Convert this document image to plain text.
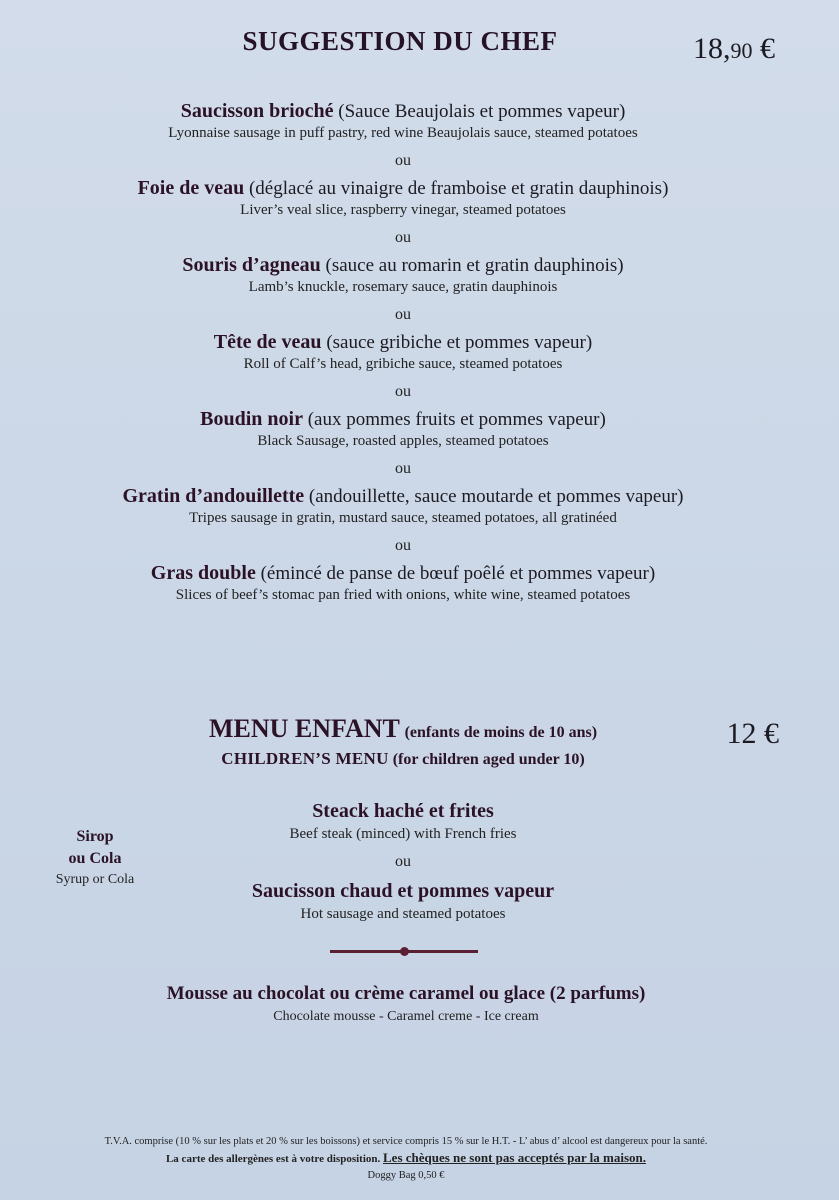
SUGGESTION DU CHEF	18,90 €
Saucisson brioché (Sauce Beaujolais et pommes vapeur)
Lyonnaise sausage in puff pastry, red wine Beaujolais sauce, steamed potatoes
ou
Foie de veau (déglacé au vinaigre de framboise et gratin dauphinois)
Liver’s veal slice, raspberry vinegar, steamed potatoes
ou
Souris d’agneau (sauce au romarin et gratin dauphinois)
Lamb’s knuckle, rosemary sauce, gratin dauphinois
ou
Tête de veau (sauce gribiche et pommes vapeur)
Roll of Calf’s head, gribiche sauce, steamed potatoes
ou
Boudin noir (aux pommes fruits et pommes vapeur)
Black Sausage, roasted apples, steamed potatoes
ou
Gratin d’andouillette (andouillette, sauce moutarde et pommes vapeur)
Tripes sausage in gratin, mustard sauce, steamed potatoes, all gratinéed
ou
Gras double (émincé de panse de bœuf poêlé et pommes vapeur)
Slices of beef’s stomac pan fried with onions, white wine, steamed potatoes
MENU ENFANT (enfants de moins de 10 ans)
CHILDREN’S MENU (for children aged under 10)
12 €
Sirop
ou Cola
Syrup or Cola
Steack haché et frites
Beef steak (minced) with French fries
ou
Saucisson chaud et pommes vapeur
Hot sausage and steamed potatoes
Mousse au chocolat ou crème caramel ou glace (2 parfums)
Chocolate mousse - Caramel creme - Ice cream
T.V.A. comprise (10 % sur les plats et 20 % sur les boissons) et service compris 15 % sur le H.T. - L’ abus d’ alcool est dangereux pour la santé.
La carte des allergènes est à votre disposition. Les chèques ne sont pas acceptés par la maison.
Doggy Bag 0,50 €
